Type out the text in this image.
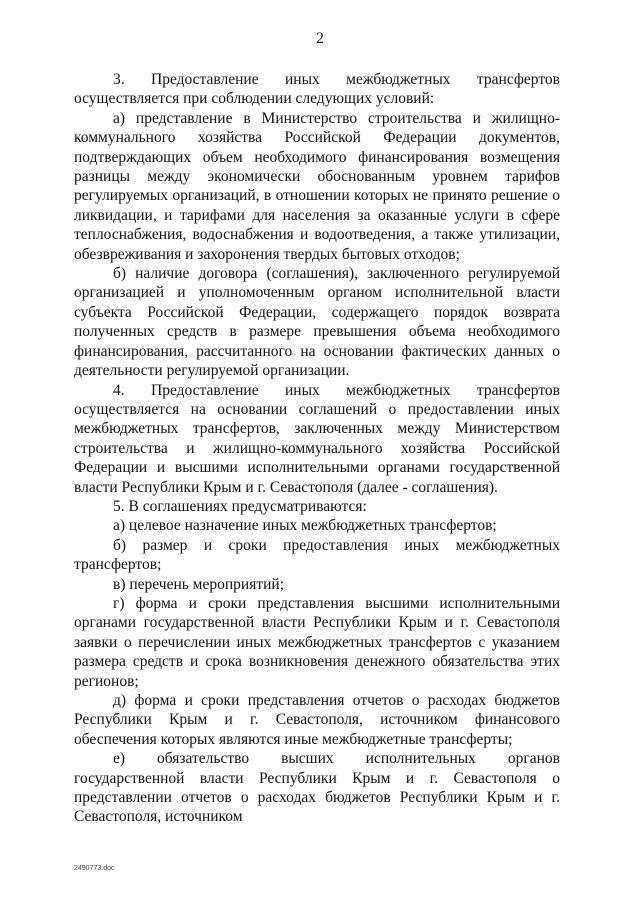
2

3. Предоставление иных межбюджетных трансфертов осуществляется при соблюдении следующих условий:

а) представление в Министерство строительства и жилищно-коммунального хозяйства Российской Федерации документов, подтверждающих объем необходимого финансирования возмещения разницы между экономически обоснованным уровнем тарифов регулируемых организаций, в отношении которых не принято решение о ликвидации, и тарифами для населения за оказанные услуги в сфере теплоснабжения, водоснабжения и водоотведения, а также утилизации, обезвреживания и захоронения твердых бытовых отходов;

б) наличие договора (соглашения), заключенного регулируемой организацией и уполномоченным органом исполнительной власти субъекта Российской Федерации, содержащего порядок возврата полученных средств в размере превышения объема необходимого финансирования, рассчитанного на основании фактических данных о деятельности регулируемой организации.

4. Предоставление иных межбюджетных трансфертов осуществляется на основании соглашений о предоставлении иных межбюджетных трансфертов, заключенных между Министерством строительства и жилищно-коммунального хозяйства Российской Федерации и высшими исполнительными органами государственной власти Республики Крым и г. Севастополя (далее - соглашения).

5. В соглашениях предусматриваются:

а) целевое назначение иных межбюджетных трансфертов;

б) размер и сроки предоставления иных межбюджетных трансфертов;

в) перечень мероприятий;

г) форма и сроки представления высшими исполнительными органами государственной власти Республики Крым и г. Севастополя заявки о перечислении иных межбюджетных трансфертов с указанием размера средств и срока возникновения денежного обязательства этих регионов;

д) форма и сроки представления отчетов о расходах бюджетов Республики Крым и г. Севастополя, источником финансового обеспечения которых являются иные межбюджетные трансферты;

е) обязательство высших исполнительных органов государственной власти Республики Крым и г. Севастополя о представлении отчетов о расходах бюджетов Республики Крым и г. Севастополя, источником

2490773.doc
